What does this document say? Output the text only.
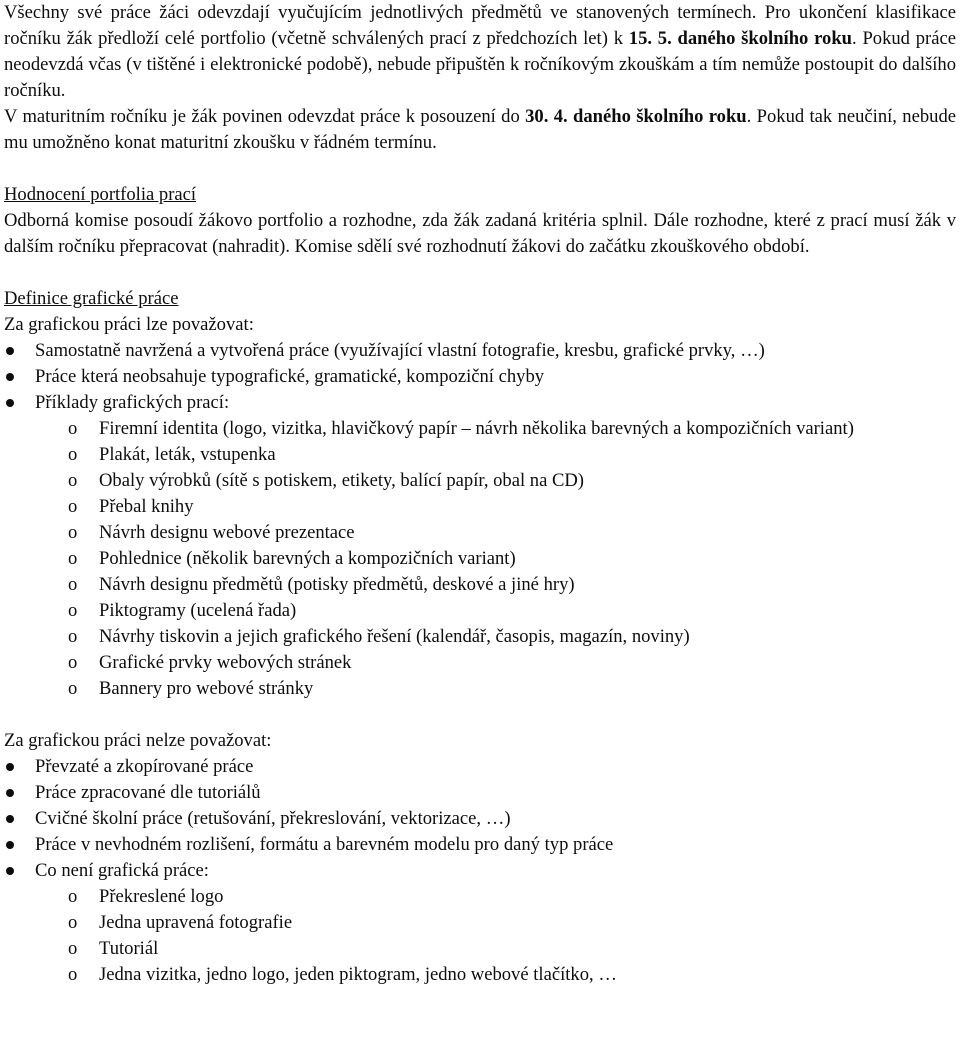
Všechny své práce žáci odevzdají vyučujícím jednotlivých předmětů ve stanovených termínech. Pro ukončení klasifikace ročníku žák předloží celé portfolio (včetně schválených prací z předchozích let) k 15. 5. daného školního roku. Pokud práce neodevzdá včas (v tištěné i elektronické podobě), nebude připuštěn k ročníkovým zkouškám a tím nemůže postoupit do dalšího ročníku.

V maturitním ročníku je žák povinen odevzdat práce k posouzení do 30. 4. daného školního roku. Pokud tak neučiní, nebude mu umožněno konat maturitní zkoušku v řádném termínu.

Hodnocení portfolia prací

Odborná komise posoudí žákovo portfolio a rozhodne, zda žák zadaná kritéria splnil. Dále rozhodne, které z prací musí žák v dalším ročníku přepracovat (nahradit). Komise sdělí své rozhodnutí žákovi do začátku zkouškového období.

Definice grafické práce

Za grafickou práci lze považovat:

Samostatně navržená a vytvořená práce (využívající vlastní fotografie, kresbu, grafické prvky, …)
Práce která neobsahuje typografické, gramatické, kompoziční chyby
Příklady grafických prací:
o Firemní identita (logo, vizitka, hlavičkový papír – návrh několika barevných a kompozičních variant)
o Plakát, leták, vstupenka
o Obaly výrobků (sítě s potiskem, etikety, balící papír, obal na CD)
o Přebal knihy
o Návrh designu webové prezentace
o Pohlednice (několik barevných a kompozičních variant)
o Návrh designu předmětů (potisky předmětů, deskové a jiné hry)
o Piktogramy (ucelená řada)
o Návrhy tiskovin a jejich grafického řešení (kalendář, časopis, magazín, noviny)
o Grafické prvky webových stránek
o Bannery pro webové stránky

Za grafickou práci nelze považovat:

Převzaté a zkopírované práce
Práce zpracované dle tutoriálů
Cvičné školní práce (retušování, překreslování, vektorizace, …)
Práce v nevhodném rozlišení, formátu a barevném modelu pro daný typ práce
Co není grafická práce:
o Překreslené logo
o Jedna upravená fotografie
o Tutoriál
o Jedna vizitka, jedno logo, jeden piktogram, jedno webové tlačítko, …
